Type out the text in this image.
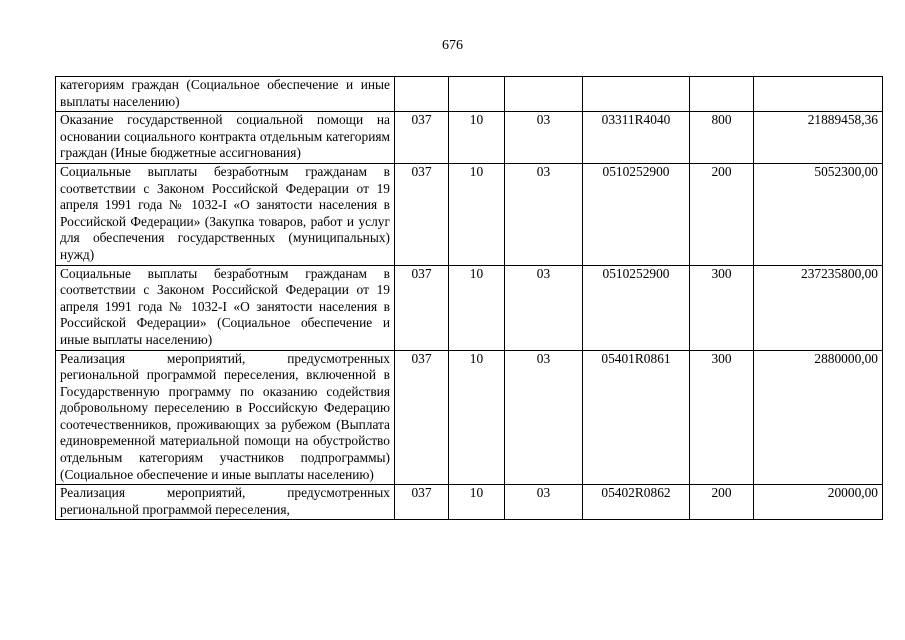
676
категориям граждан (Социальное обеспечение и иные выплаты населению)						
Оказание государственной социальной помощи на основании социального контракта отдельным категориям граждан (Иные бюджетные ассигнования)	037	10	03	03311R4040	800	21889458,36
Социальные выплаты безработным гражданам в соответствии с Законом Российской Федерации от 19 апреля 1991 года № 1032-I «О занятости населения в Российской Федерации» (Закупка товаров, работ и услуг для обеспечения государственных (муниципальных) нужд)	037	10	03	0510252900	200	5052300,00
Социальные выплаты безработным гражданам в соответствии с Законом Российской Федерации от 19 апреля 1991 года № 1032-I «О занятости населения в Российской Федерации» (Социальное обеспечение и иные выплаты населению)	037	10	03	0510252900	300	237235800,00
Реализация мероприятий, предусмотренных региональной программой переселения, включенной в Государственную программу по оказанию содействия добровольному переселению в Российскую Федерацию соотечественников, проживающих за рубежом (Выплата единовременной материальной помощи на обустройство отдельным категориям участников подпрограммы) (Социальное обеспечение и иные выплаты населению)	037	10	03	05401R0861	300	2880000,00

Реализация мероприятий, предусмотренных региональной программой переселения,	037	10	03	05402R0862	200	20000,00
